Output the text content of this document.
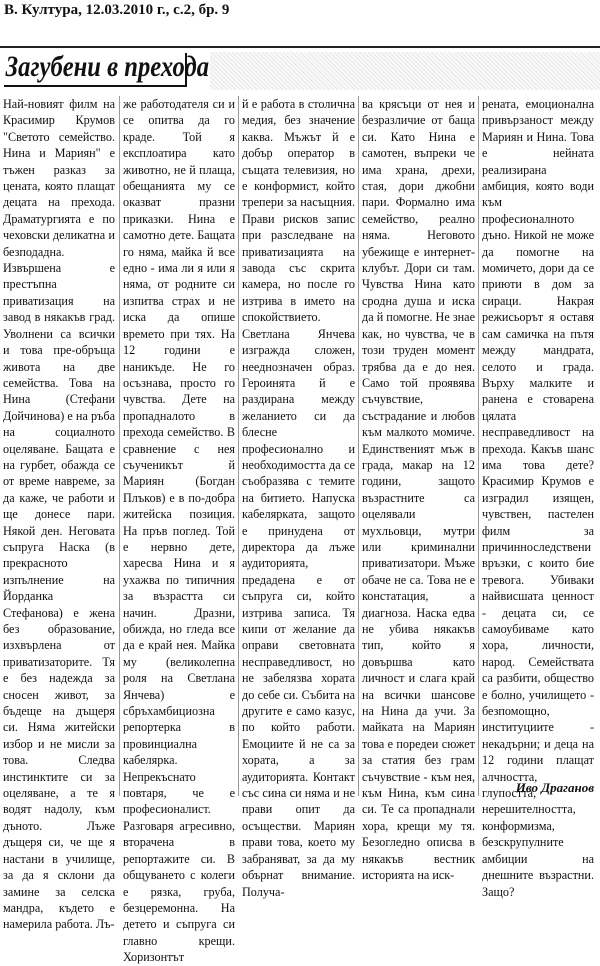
В. Култура, 12.03.2010 г., с.2, бр. 9
Загубени в прехода

Най-новият филм на Красимир Крумов "Светото семейство. Нина и Мариян" е тъжен разказ за цената, която плащат децата на прехода. Драматургията е по чеховски деликатна и безподадна. Извършена е престъпна приватизация на завод в някакъв град. Уволнени са всички и това пре-обръща живота на две семейства. Това на Нина (Стефани Дойчинова) е на ръба на социалното оцеляване. Бащата е на гурбет, обажда се от време навреме, за да каже, че работи и ще донесе пари. Някой ден. Неговата съпруга Наска (в прекрасното изпълнение на Йорданка Стефанова) е жена без образование, изхвърлена от приватизаторите. Тя е без надежда за сносен живот, за бъдеще на дъщеря си. Няма житейски избор и не мисли за това. Следва инстинктите си за оцеляване, а те я водят надолу, към дъното. Лъже дъщеря си, че ще я настани в училище, за да я склони да замине за селска мандра, където е намерила работа. Лъ-

же работодателя си и се опитва да го краде. Той я експлоатира като животно, не й плаща, обещанията му се оказват празни приказки. Нина е самотно дете. Бащата го няма, майка й все едно - има ли я или я няма, от родните си изпитва страх и не иска да опише времето при тях. На 12 години е наникъде. Не го осъзнава, просто го чувства. Дете на пропадналото в прехода семейство. В сравнение с нея съученикът й Мариян (Богдан Плъков) е в по-добра житейска позиция. На пръв поглед. Той е нервно дете, харесва Нина и я ухажва по типичния за възрастта си начин. Дразни, обижда, но гледа все да е край нея. Майка му (великолепна роля на Светлана Янчева) е сбръхамбициозна репортерка в провинциална кабелярка. Непрекъснато повтаря, че е професионалист. Разговаря агресивно, вторачена в репортажите си. В общуването с колеги е рязка, груба, безцеремонна. На детето и съпруга си главно крещи. Хоризонтът

й е работа в столична медия, без значение каква. Мъжът й е добър оператор в същата телевизия, но е конформист, който трепери за насъщния. Прави рисков запис при разследване на приватизацията на завода със скрита камера, но после го изтрива в името на спокойствието. Светлана Янчева изгражда сложен, нееднозначен образ. Героинята й е раздирана между желанието си да блесне професионално и необходимостта да се съобразява с темите на битието. Напуска кабелярката, защото е принудена от директора да лъже аудиторията, предадена е от съпруга си, който изтрива записа. Тя кипи от желание да оправи световната несправедливост, но не забелязва хората до себе си. Събита на другите е само казус, по който работи. Емоциите й не са за хората, а за аудиторията. Контакт със сина си няма и не прави опит да осъществи. Мариян прави това, което му забраняват, за да му обърнат внимание. Получа-

ва крясъци от нея и безразличие от баща си. Като Нина е самотен, въпреки че има храна, дрехи, стая, дори джобни пари. Формално има семейство, реално няма. Неговото убежище е интернет-клубът. Дори си там. Чувства Нина като сродна душа и иска да й помогне. Не знае как, но чувства, че в този труден момент трябва да е до нея. Само той проявява съчувствие, състрадание и любов към малкото момиче. Единственият мъж в града, макар на 12 години, защото възрастните са оцелявали мухльовци, мутри или криминални приватизатори. Мъже обаче не са. Това не е констатация, а диагноза. Наска едва не убива някакъв тип, който я довършва като личност и слага край на всички шансове на Нина да учи. За майката на Мариян това е поредеи сюжет за статия без грам съчувствие - към нея, към Нина, към сина си. Те са пропаднали хора, крещи му тя. Безогледно описва в някакъв вестник историята на иск-

рената, емоционална привързаност между Мариян и Нина. Това е нейната реализирана амбиция, която води към професионалното дъно. Никой не може да помогне на момичето, дори да се приюти в дом за сираци. Накрая режисьорът я оставя сам самичка на пътя между мандрата, селото и града. Върху малките и ранена е стоварена цялата несправедливост на прехода. Какъв шанс има това дете? Красимир Крумов е изградил изящен, чувствен, пастелен филм за причинноследствени връзки, с които бие тревога. Убиваки найвисшата ценност - децата си, се самоубиваме като хора, личности, народ. Семействата са разбити, общество е болно, училището - безпомощно, институциите - некадърни; и деца на 12 години плащат алчността, глупостта, нерешителността, конформизма, безскрупулните амбиции на днешните възрастни. Защо?

Иво Драганов
